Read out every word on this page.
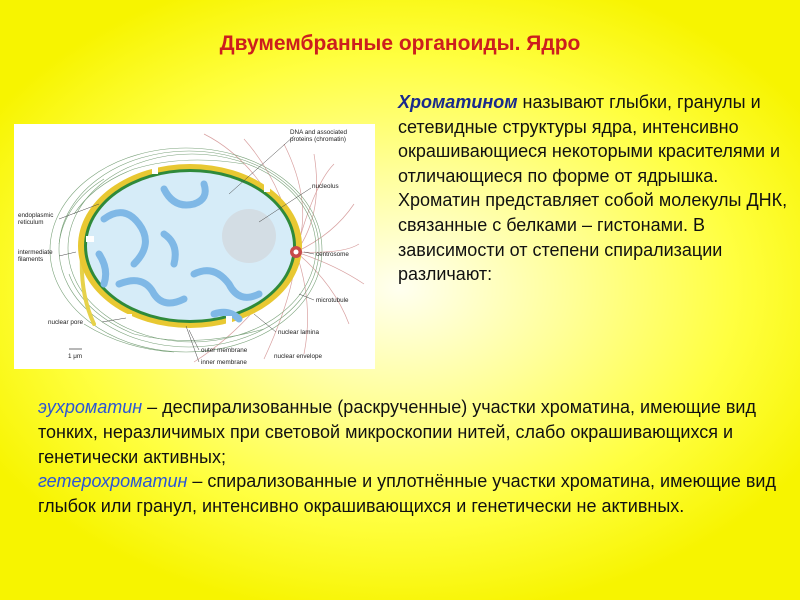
Двумембранные органоиды. Ядро
Хроматином называют глыбки, гранулы и сетевидные структуры ядра, интенсивно окрашивающиеся некоторыми красителями и отличающиеся по форме от ядрышка. Хроматин представляет собой молекулы ДНК, связанные с белками – гистонами. В зависимости от степени спирализации различают:
DNA and associated
proteins (chromatin)
nucleolus
endoplasmic
reticulum
intermediate
filaments
centrosome
microtubule
nuclear pore
nuclear lamina
outer membrane
inner membrane
nuclear envelope
1 μm
эухроматин – деспирализованные (раскрученные) участки хроматина, имеющие вид тонких, неразличимых при световой микроскопии нитей, слабо окрашивающихся и генетически активных;
гетерохроматин – спирализованные и уплотнённые участки хроматина, имеющие вид глыбок или гранул, интенсивно окрашивающихся и генетически не активных.
